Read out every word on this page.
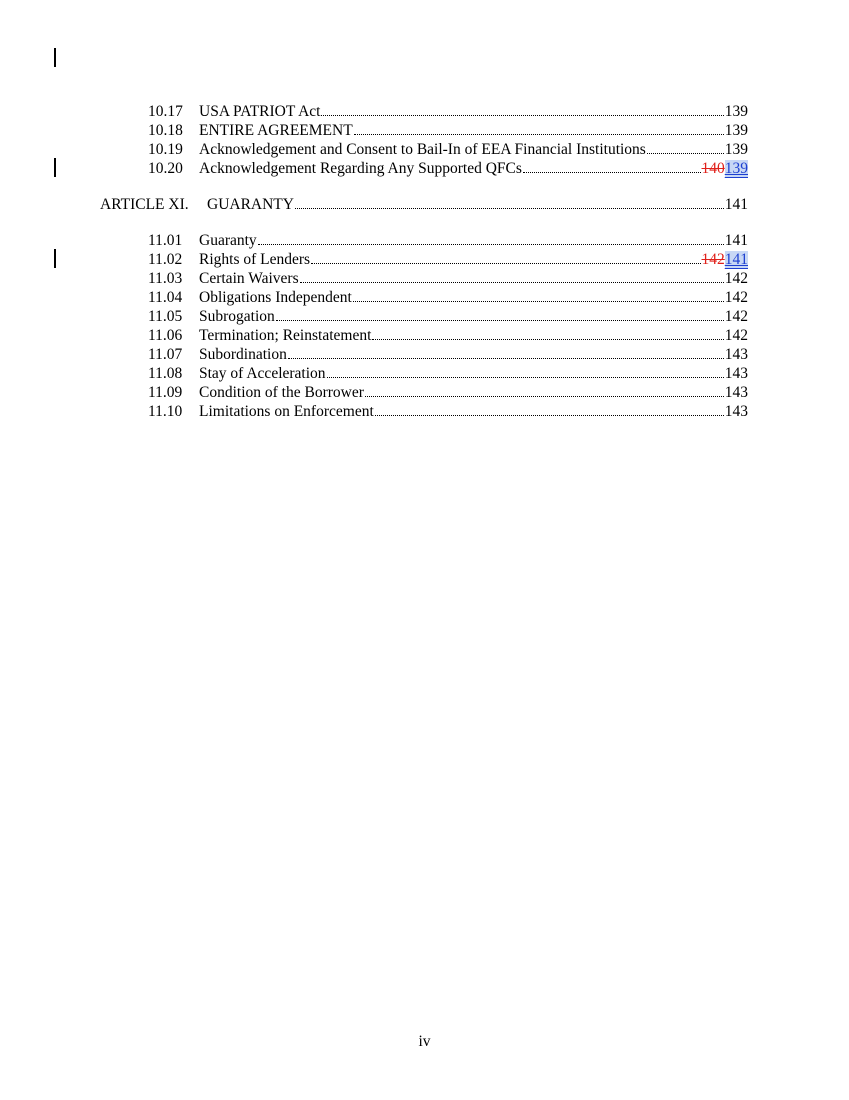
10.17	USA PATRIOT Act	139
10.18	ENTIRE AGREEMENT	139
10.19	Acknowledgement and Consent to Bail-In of EEA Financial Institutions	139
10.20	Acknowledgement Regarding Any Supported QFCs	140139
ARTICLE XI.	GUARANTY	141
11.01	Guaranty	141
11.02	Rights of Lenders	142141
11.03	Certain Waivers	142
11.04	Obligations Independent	142
11.05	Subrogation	142
11.06	Termination; Reinstatement	142
11.07	Subordination	143
11.08	Stay of Acceleration	143
11.09	Condition of the Borrower	143
11.10	Limitations on Enforcement	143
iv
